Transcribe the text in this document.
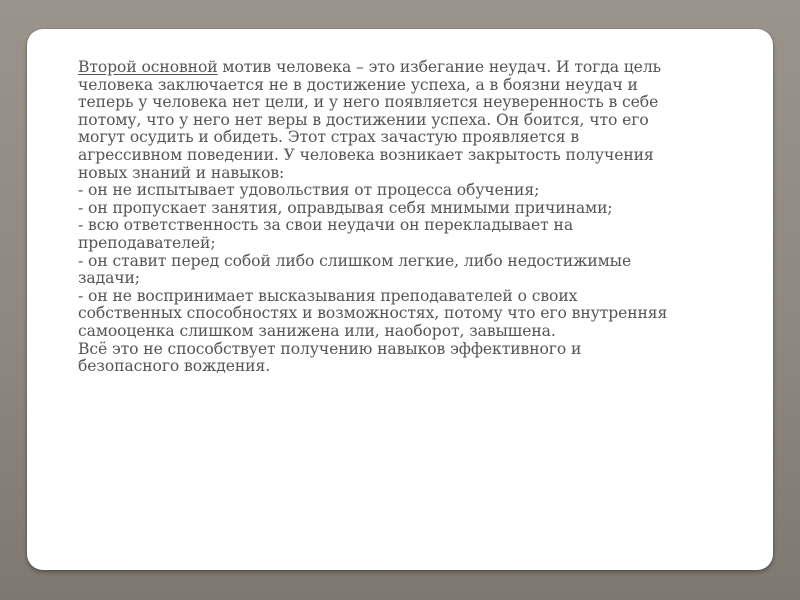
Второй основной мотив человека – это избегание неудач. И тогда цель

человека заключается не в достижение успеха, а в боязни неудач и

теперь у человека нет цели, и у него появляется неуверенность в себе

потому, что у него нет веры в достижении успеха. Он боится, что его

могут осудить и обидеть. Этот страх зачастую проявляется в

агрессивном поведении. У человека возникает закрытость получения

новых знаний и навыков:

- он не испытывает удовольствия от процесса обучения;

- он пропускает занятия, оправдывая себя мнимыми причинами;

- всю ответственность за свои неудачи он перекладывает на

преподавателей;

- он ставит перед собой либо слишком легкие, либо недостижимые

задачи;

- он не воспринимает высказывания преподавателей о своих

собственных способностях и возможностях, потому что его внутренняя

самооценка слишком занижена или, наоборот, завышена.

Всё это не способствует получению навыков эффективного и

безопасного вождения.
